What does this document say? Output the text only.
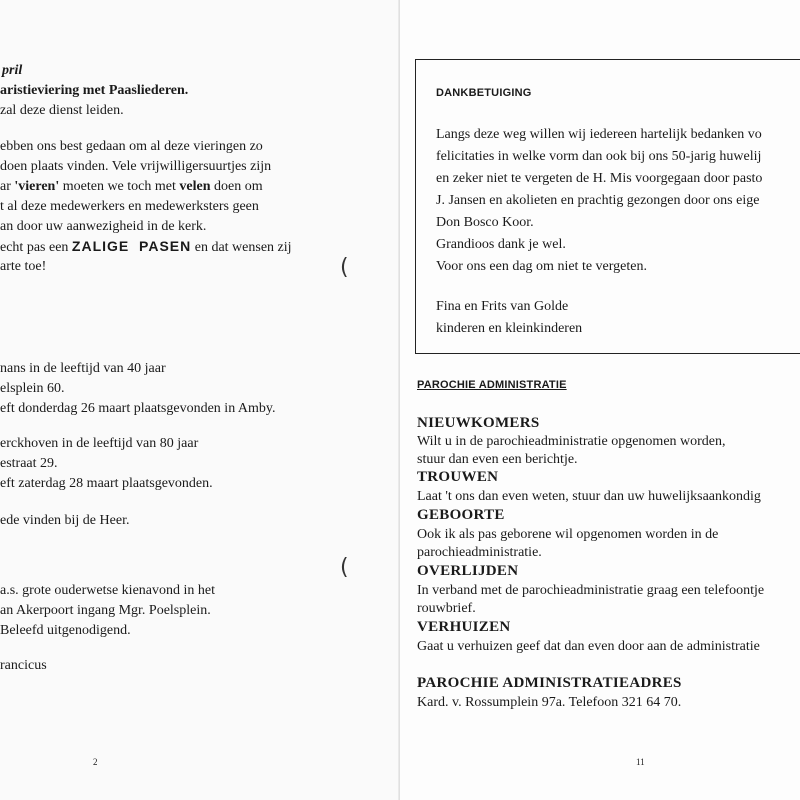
pril
aristieviering met Paasliederen.
zal deze dienst leiden.
ebben ons best gedaan om al deze vieringen zo
doen plaats vinden. Vele vrijwilligersuurtjes zijn
ar 'vieren' moeten we toch met velen doen om
t al deze medewerkers en medewerksters geen
an door uw aanwezigheid in de kerk.
echt pas een ZALIGE  PASEN en dat wensen zij
arte toe!
nans in de leeftijd van 40 jaar
elsplein 60.
eft donderdag 26 maart plaatsgevonden in Amby.
erckhoven in de leeftijd van 80 jaar
estraat 29.
eft zaterdag 28 maart plaatsgevonden.
ede vinden bij de Heer.
a.s. grote ouderwetse kienavond in het
an Akerpoort ingang Mgr. Poelsplein.
Beleefd uitgenodigend.
rancicus
(
(
2
DANKBETUIGING
Langs deze weg willen wij iedereen hartelijk bedanken vo
felicitaties in welke vorm dan ook bij ons 50-jarig huwelij
en zeker niet te vergeten de H. Mis voorgegaan door pasto
J. Jansen en akolieten en prachtig gezongen door ons eige
Don Bosco Koor.
Grandioos dank je wel.
Voor ons een dag om niet te vergeten.
Fina en Frits van Golde
kinderen en kleinkinderen
PAROCHIE ADMINISTRATIE
NIEUWKOMERS
Wilt u in de parochieadministratie opgenomen worden,
stuur dan even een berichtje.
TROUWEN
Laat 't ons dan even weten, stuur dan uw huwelijksaankondig
GEBOORTE
Ook ik als pas geborene wil opgenomen worden in de
parochieadministratie.
OVERLIJDEN
In verband met de parochieadministratie graag een telefoontje
rouwbrief.
VERHUIZEN
Gaat u verhuizen geef dat dan even door aan de administratie
PAROCHIE ADMINISTRATIEADRES
Kard. v. Rossumplein 97a. Telefoon 321 64 70.
11
